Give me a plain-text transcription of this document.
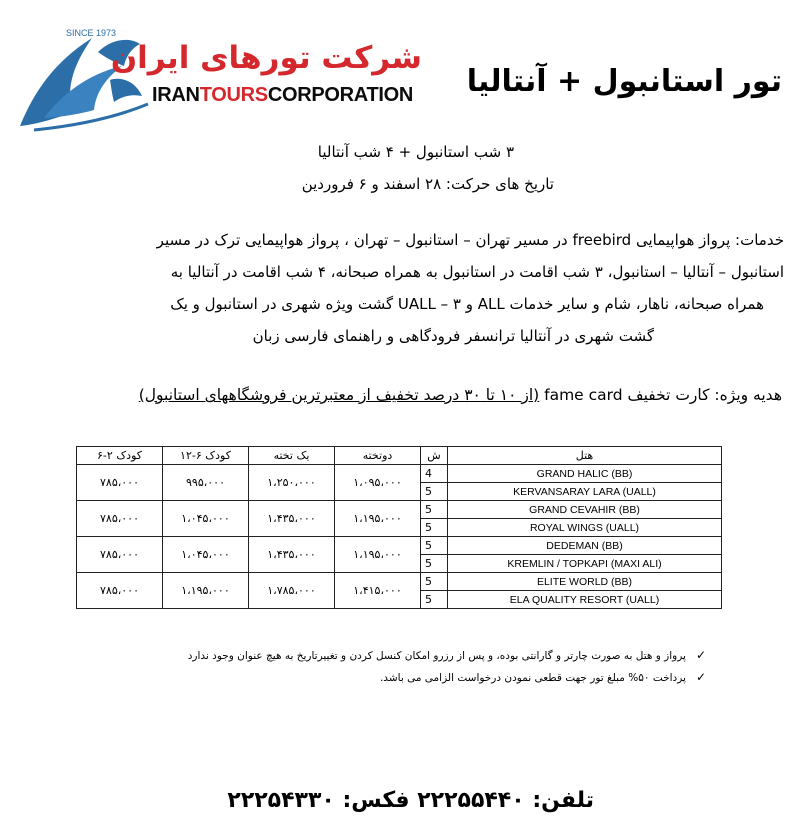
SINCE 1973
شرکت تورهای ایران
IRANTOURSCORPORATION تور استانبول + آنتالیا
۳ شب استانبول + ۴ شب آنتالیا
تاریخ های حرکت: ۲۸ اسفند و ۶ فروردین
خدمات: پرواز هواپیمایی freebird در مسیر تهران – استانبول – تهران ، پرواز هواپیمایی ترک در مسیر
استانبول – آنتالیا – استانبول، ۳ شب اقامت در استانبول به همراه صبحانه، ۴ شب اقامت در آنتالیا به
همراه صبحانه، ناهار، شام و سایر خدمات ALL و UALL – ۳ گشت ویژه شهری در استانبول و یک
گشت شهری در آنتالیا ترانسفر فرودگاهی و راهنمای فارسی زبان
هدیه ویژه: کارت تخفیف fame card (از ۱۰ تا ۳۰ درصد تخفیف از معتبرترین فروشگاههای استانبول)
کودک ۲-۶	کودک ۶-۱۲	یک تخته	دوتخته	ش	هتل
۷۸۵،۰۰۰	۹۹۵،۰۰۰	۱،۲۵۰،۰۰۰	۱،۰۹۵،۰۰۰	4	GRAND HALIC (BB)
				5	KERVANSARAY LARA (UALL)
۷۸۵،۰۰۰	۱،۰۴۵،۰۰۰	۱،۴۳۵،۰۰۰	۱،۱۹۵،۰۰۰	5	GRAND CEVAHIR (BB)
				5	ROYAL WINGS (UALL)
۷۸۵،۰۰۰	۱،۰۴۵،۰۰۰	۱،۴۳۵،۰۰۰	۱،۱۹۵،۰۰۰	5	DEDEMAN (BB)
				5	KREMLIN / TOPKAPI (MAXI ALI)
۷۸۵،۰۰۰	۱،۱۹۵،۰۰۰	۱،۷۸۵،۰۰۰	۱،۴۱۵،۰۰۰	5	ELITE WORLD (BB)
				5	ELA QUALITY RESORT (UALL)
✓پرواز و هتل به صورت چارتر و گارانتی بوده، و پس از رزرو امکان کنسل کردن و تغییرتاریخ به هیچ عنوان وجود ندارد
✓پرداخت ۵۰% مبلغ تور جهت قطعی نمودن درخواست الزامی می باشد.
تلفن: ۲۲۲۵۵۴۴۰ فکس: ۲۲۲۵۴۳۳۰
